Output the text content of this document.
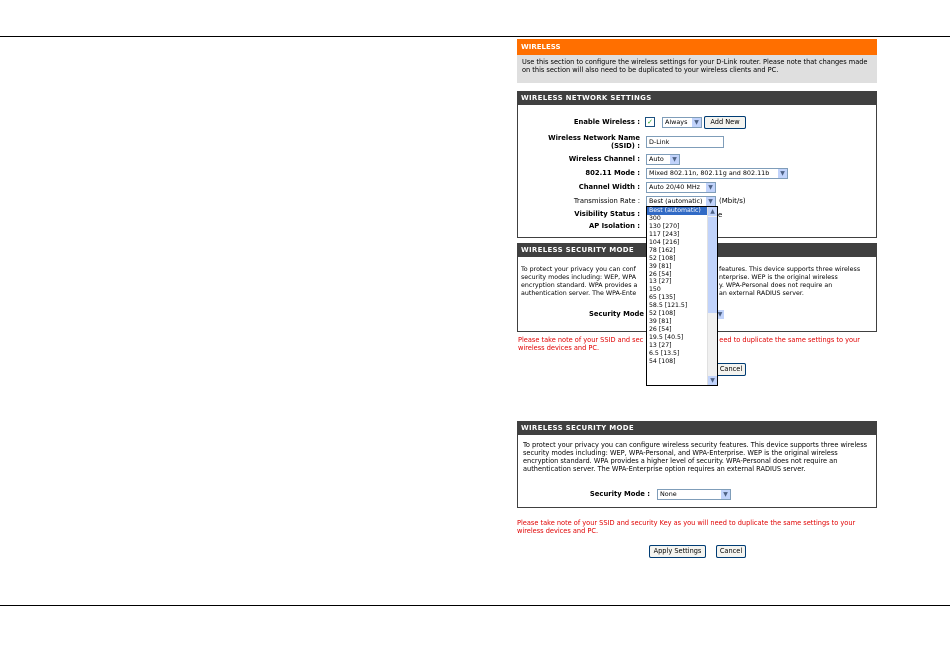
WIRELESS
Use this section to configure the wireless settings for your D-Link router. Please note that changes made on this section will also need to be duplicated to your wireless clients and PC.
WIRELESS NETWORK SETTINGS
Enable Wireless : ✓	Always	▼	Add New
Wireless Network Name
(SSID) :	D-Link
Wireless Channel :	Auto	▼
802.11 Mode :	Mixed 802.11n, 802.11g and 802.11b	▼
Channel Width :	Auto 20/40 MHz	▼
Transmission Rate :	Best (automatic) ▼ (Mbit/s)
Visibility Status :	e
AP Isolation :
WIRELESS SECURITY MODE
To protect your privacy you can conf
security modes including: WEP, WPA
encryption standard. WPA provides a
authentication server. The WPA-Ente
features. This device supports three wireless
nterprise. WEP is the original wireless
y. WPA-Personal does not require an
an external RADIUS server.
Security Mode	▼
Please take note of your SSID and sec	eed to duplicate the same settings to your
wireless devices and PC.
Cancel
Best (automatic)
300
130 [270]
117 [243]
104 [216]
78 [162]
52 [108]
39 [81]
26 [54]
13 [27]
150
65 [135]
58.5 [121.5]
52 [108]
39 [81]
26 [54]
19.5 [40.5]
13 [27]
6.5 [13.5]
54 [108]
▲
▼
WIRELESS SECURITY MODE
To protect your privacy you can configure wireless security features. This device supports three wireless security modes including: WEP, WPA-Personal, and WPA-Enterprise. WEP is the original wireless encryption standard. WPA provides a higher level of security. WPA-Personal does not require an authentication server. The WPA-Enterprise option requires an external RADIUS server.
Security Mode :	None	▼
Please take note of your SSID and security Key as you will need to duplicate the same settings to your wireless devices and PC.
Apply Settings	Cancel
